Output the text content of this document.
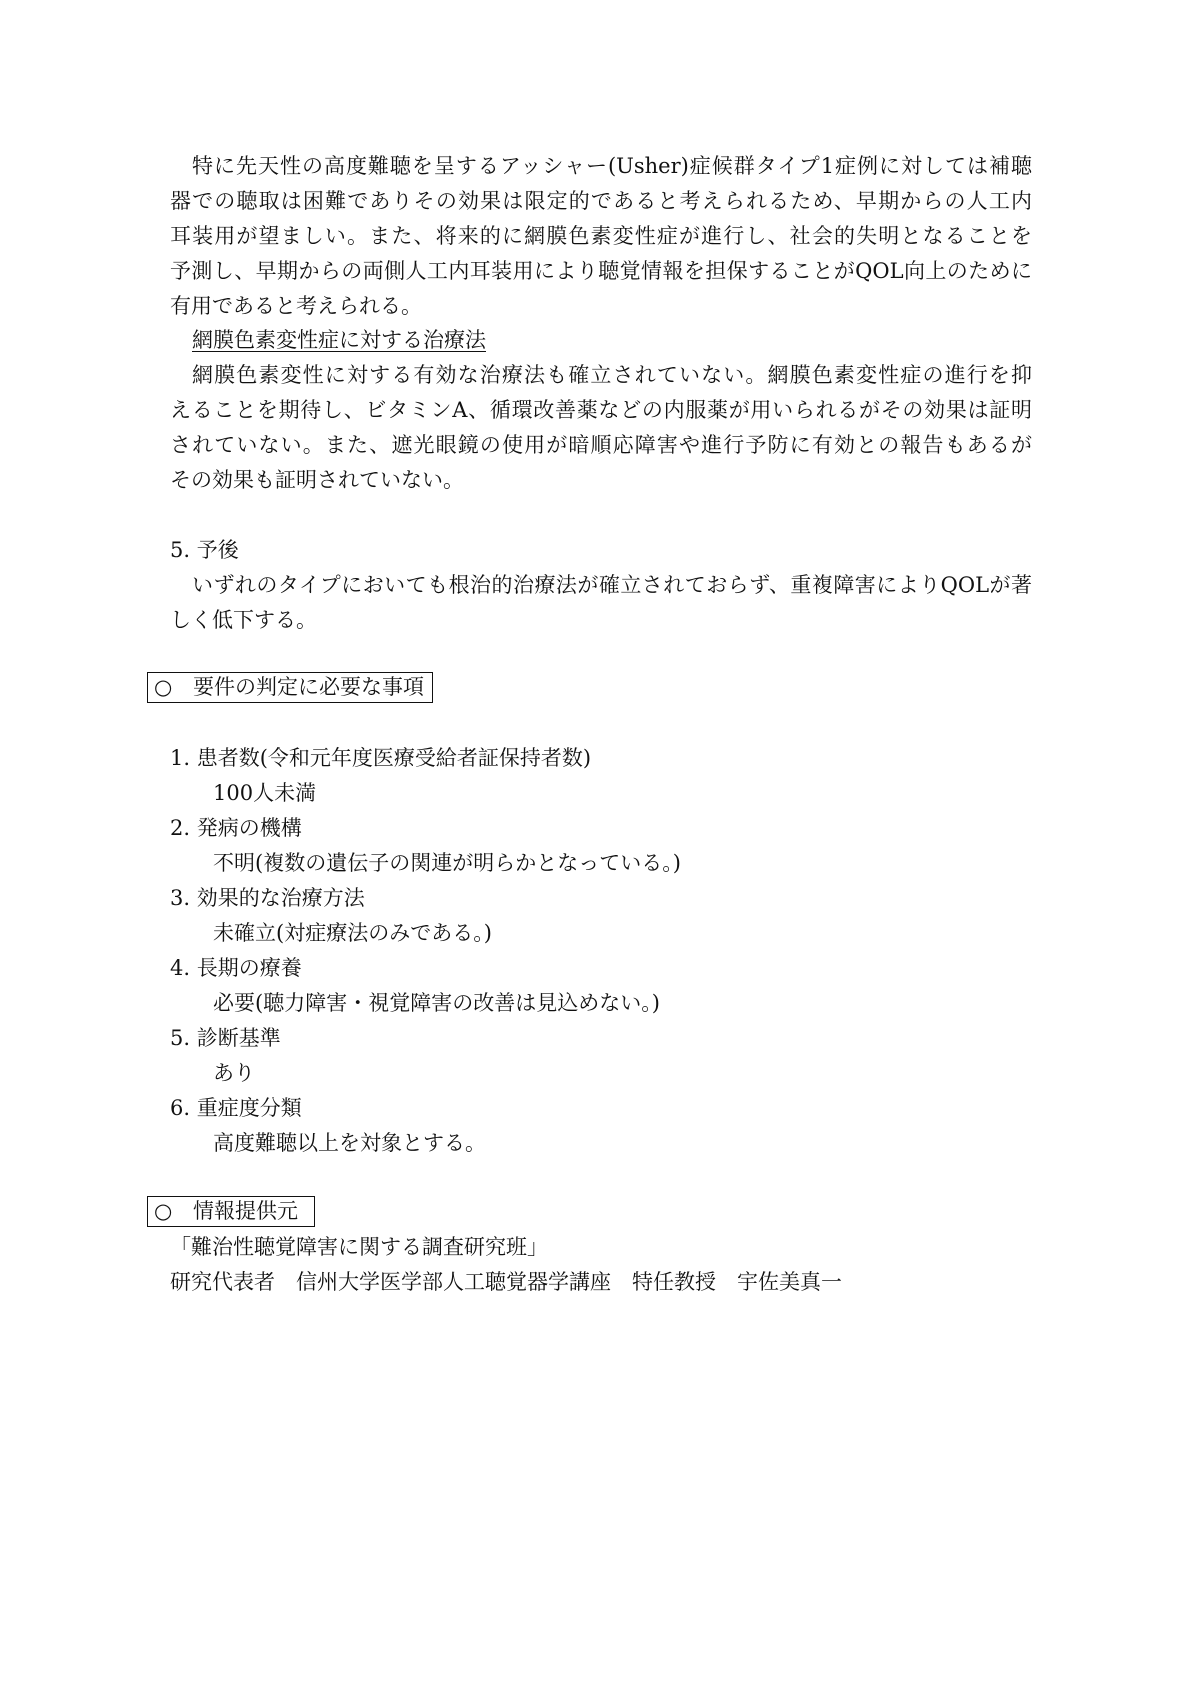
特に先天性の高度難聴を呈するアッシャー(Usher)症候群タイプ1症例に対しては補聴
器での聴取は困難でありその効果は限定的であると考えられるため、早期からの人工内
耳装用が望ましい。また、将来的に網膜色素変性症が進行し、社会的失明となることを
予測し、早期からの両側人工内耳装用により聴覚情報を担保することがQOL向上のために
有用であると考えられる。
網膜色素変性症に対する治療法
網膜色素変性に対する有効な治療法も確立されていない。網膜色素変性症の進行を抑
えることを期待し、ビタミンA、循環改善薬などの内服薬が用いられるがその効果は証明
されていない。また、遮光眼鏡の使用が暗順応障害や進行予防に有効との報告もあるが
その効果も証明されていない。
5. 予後
いずれのタイプにおいても根治的治療法が確立されておらず、重複障害によりQOLが著
しく低下する。
○ 要件の判定に必要な事項
1. 患者数(令和元年度医療受給者証保持者数)
100人未満
2. 発病の機構
不明(複数の遺伝子の関連が明らかとなっている。)
3. 効果的な治療方法
未確立(対症療法のみである。)
4. 長期の療養
必要(聴力障害・視覚障害の改善は見込めない。)
5. 診断基準
あり
6. 重症度分類
高度難聴以上を対象とする。
○ 情報提供元
「難治性聴覚障害に関する調査研究班」
研究代表者　信州大学医学部人工聴覚器学講座　特任教授　宇佐美真一
